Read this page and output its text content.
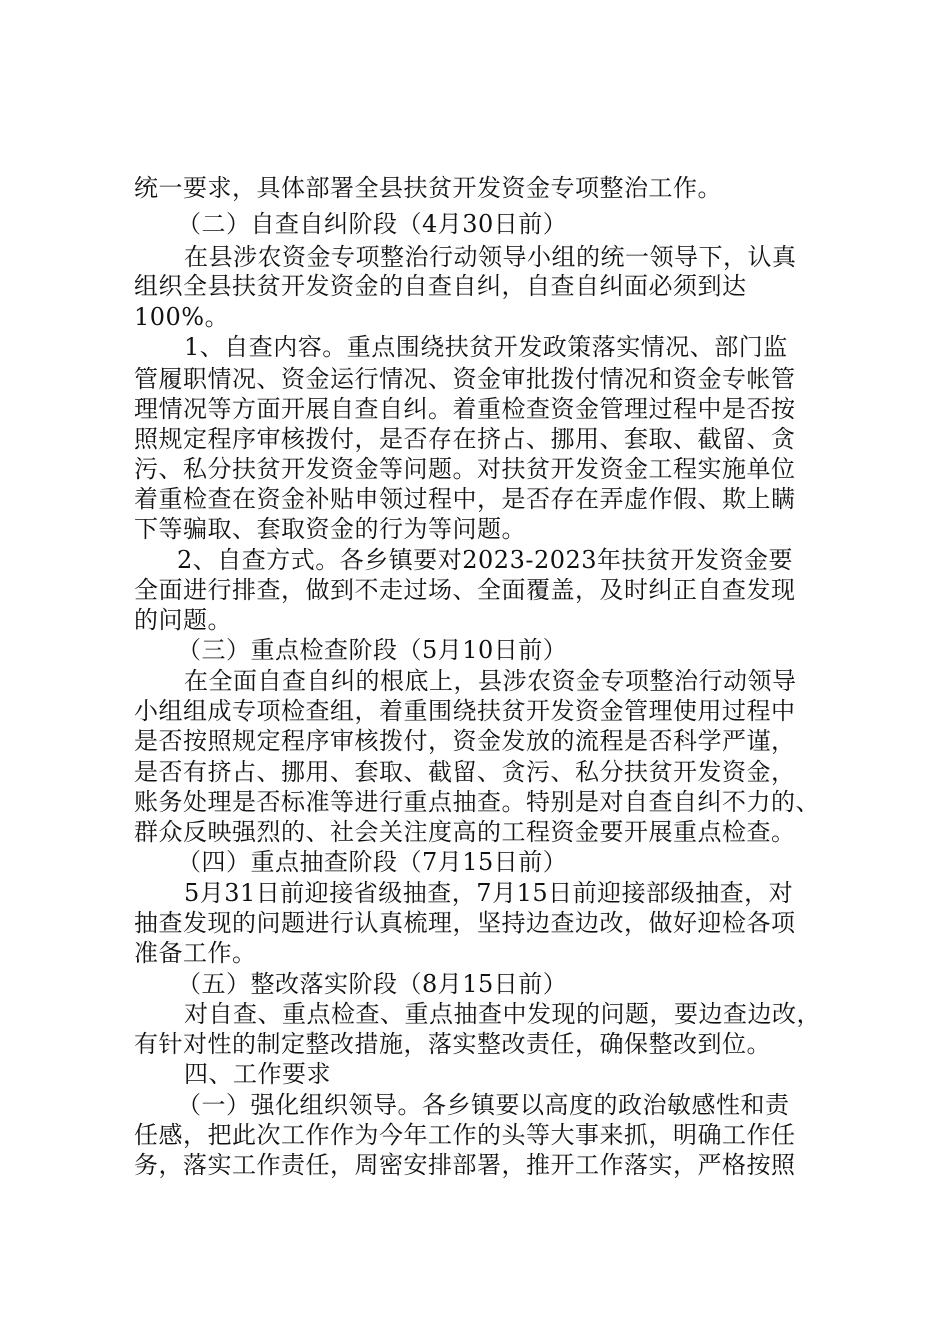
统一要求，具体部署全县扶贫开发资金专项整治工作。
（二）自查自纠阶段（4月30日前）
在县涉农资金专项整治行动领导小组的统一领导下，认真
组织全县扶贫开发资金的自查自纠，自查自纠面必须到达
100%。
1、自查内容。重点围绕扶贫开发政策落实情况、部门监
管履职情况、资金运行情况、资金审批拨付情况和资金专帐管
理情况等方面开展自查自纠。着重检查资金管理过程中是否按
照规定程序审核拨付，是否存在挤占、挪用、套取、截留、贪
污、私分扶贫开发资金等问题。对扶贫开发资金工程实施单位
着重检查在资金补贴申领过程中，是否存在弄虚作假、欺上瞒
下等骗取、套取资金的行为等问题。
2、自查方式。各乡镇要对2023-2023年扶贫开发资金要
全面进行排查，做到不走过场、全面覆盖，及时纠正自查发现
的问题。
（三）重点检查阶段（5月10日前）
在全面自查自纠的根底上，县涉农资金专项整治行动领导
小组组成专项检查组，着重围绕扶贫开发资金管理使用过程中
是否按照规定程序审核拨付，资金发放的流程是否科学严谨，
是否有挤占、挪用、套取、截留、贪污、私分扶贫开发资金，
账务处理是否标准等进行重点抽查。特别是对自查自纠不力的、
群众反映强烈的、社会关注度高的工程资金要开展重点检查。
（四）重点抽查阶段（7月15日前）
5月31日前迎接省级抽查，7月15日前迎接部级抽查，对
抽查发现的问题进行认真梳理，坚持边查边改，做好迎检各项
准备工作。
（五）整改落实阶段（8月15日前）
对自查、重点检查、重点抽查中发现的问题，要边查边改，
有针对性的制定整改措施，落实整改责任，确保整改到位。
四、工作要求
（一）强化组织领导。各乡镇要以高度的政治敏感性和责
任感，把此次工作作为今年工作的头等大事来抓，明确工作任
务，落实工作责任，周密安排部署，推开工作落实，严格按照
